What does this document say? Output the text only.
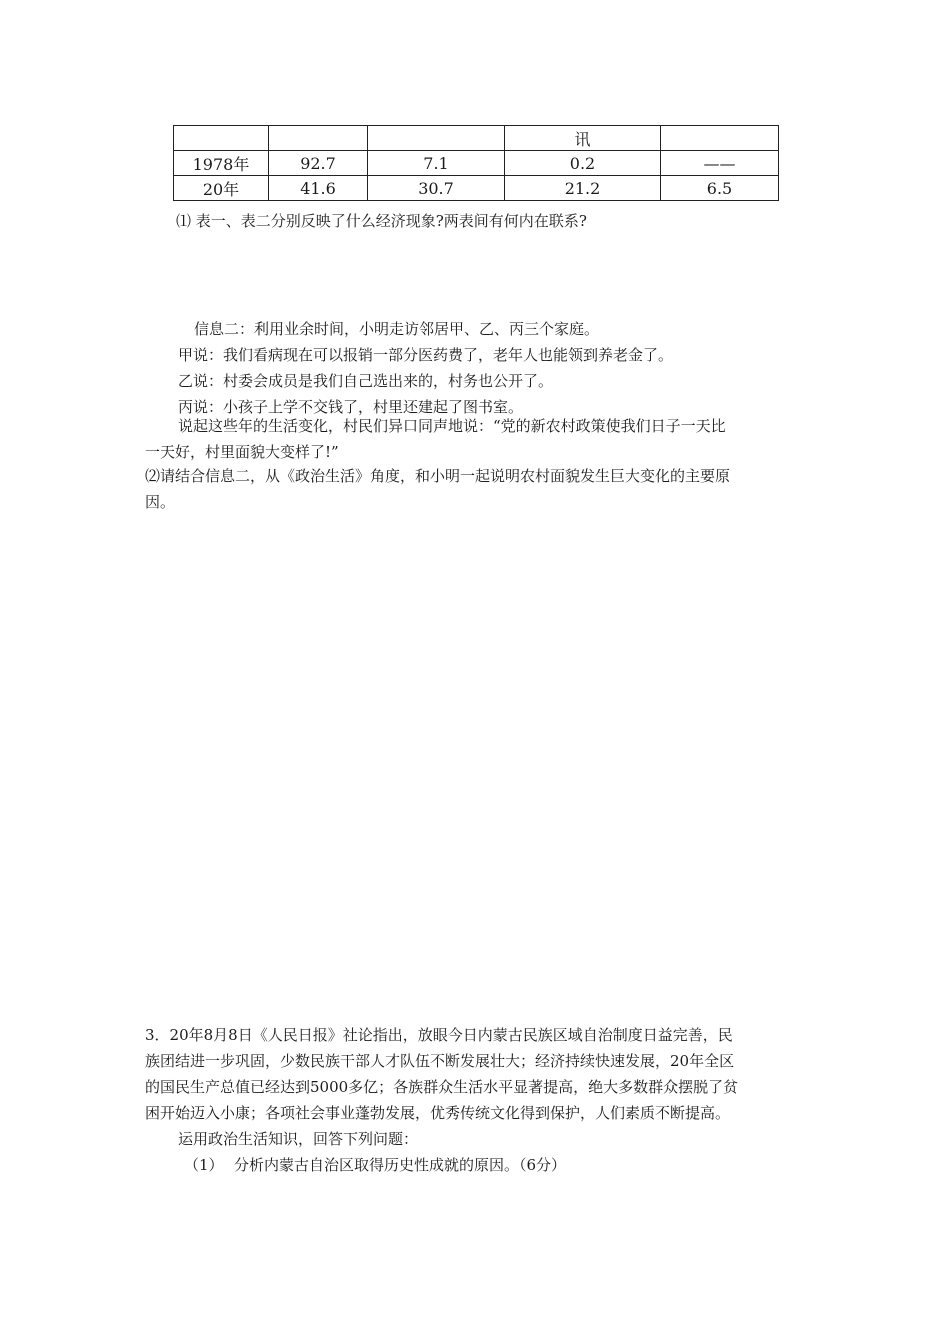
			讯	
1978年	92.7	7.1	0.2	——
20年	41.6	30.7	21.2	6.5
⑴ 表一、表二分别反映了什么经济现象?两表间有何内在联系?
信息二：利用业余时间，小明走访邻居甲、乙、丙三个家庭。
甲说：我们看病现在可以报销一部分医药费了，老年人也能领到养老金了。
乙说：村委会成员是我们自己选出来的，村务也公开了。
丙说：小孩子上学不交钱了，村里还建起了图书室。
说起这些年的生活变化，村民们异口同声地说：“党的新农村政策使我们日子一天比
一天好，村里面貌大变样了!”
⑵请结合信息二，从《政治生活》角度，和小明一起说明农村面貌发生巨大变化的主要原
因。
3．20年8月8日《人民日报》社论指出，放眼今日内蒙古民族区域自治制度日益完善，民
族团结进一步巩固，少数民族干部人才队伍不断发展壮大；经济持续快速发展，20年全区
的国民生产总值已经达到5000多亿；各族群众生活水平显著提高，绝大多数群众摆脱了贫
困开始迈入小康；各项社会事业蓬勃发展，优秀传统文化得到保护，人们素质不断提高。
运用政治生活知识，回答下列问题：
（1） 分析内蒙古自治区取得历史性成就的原因。（6分）
